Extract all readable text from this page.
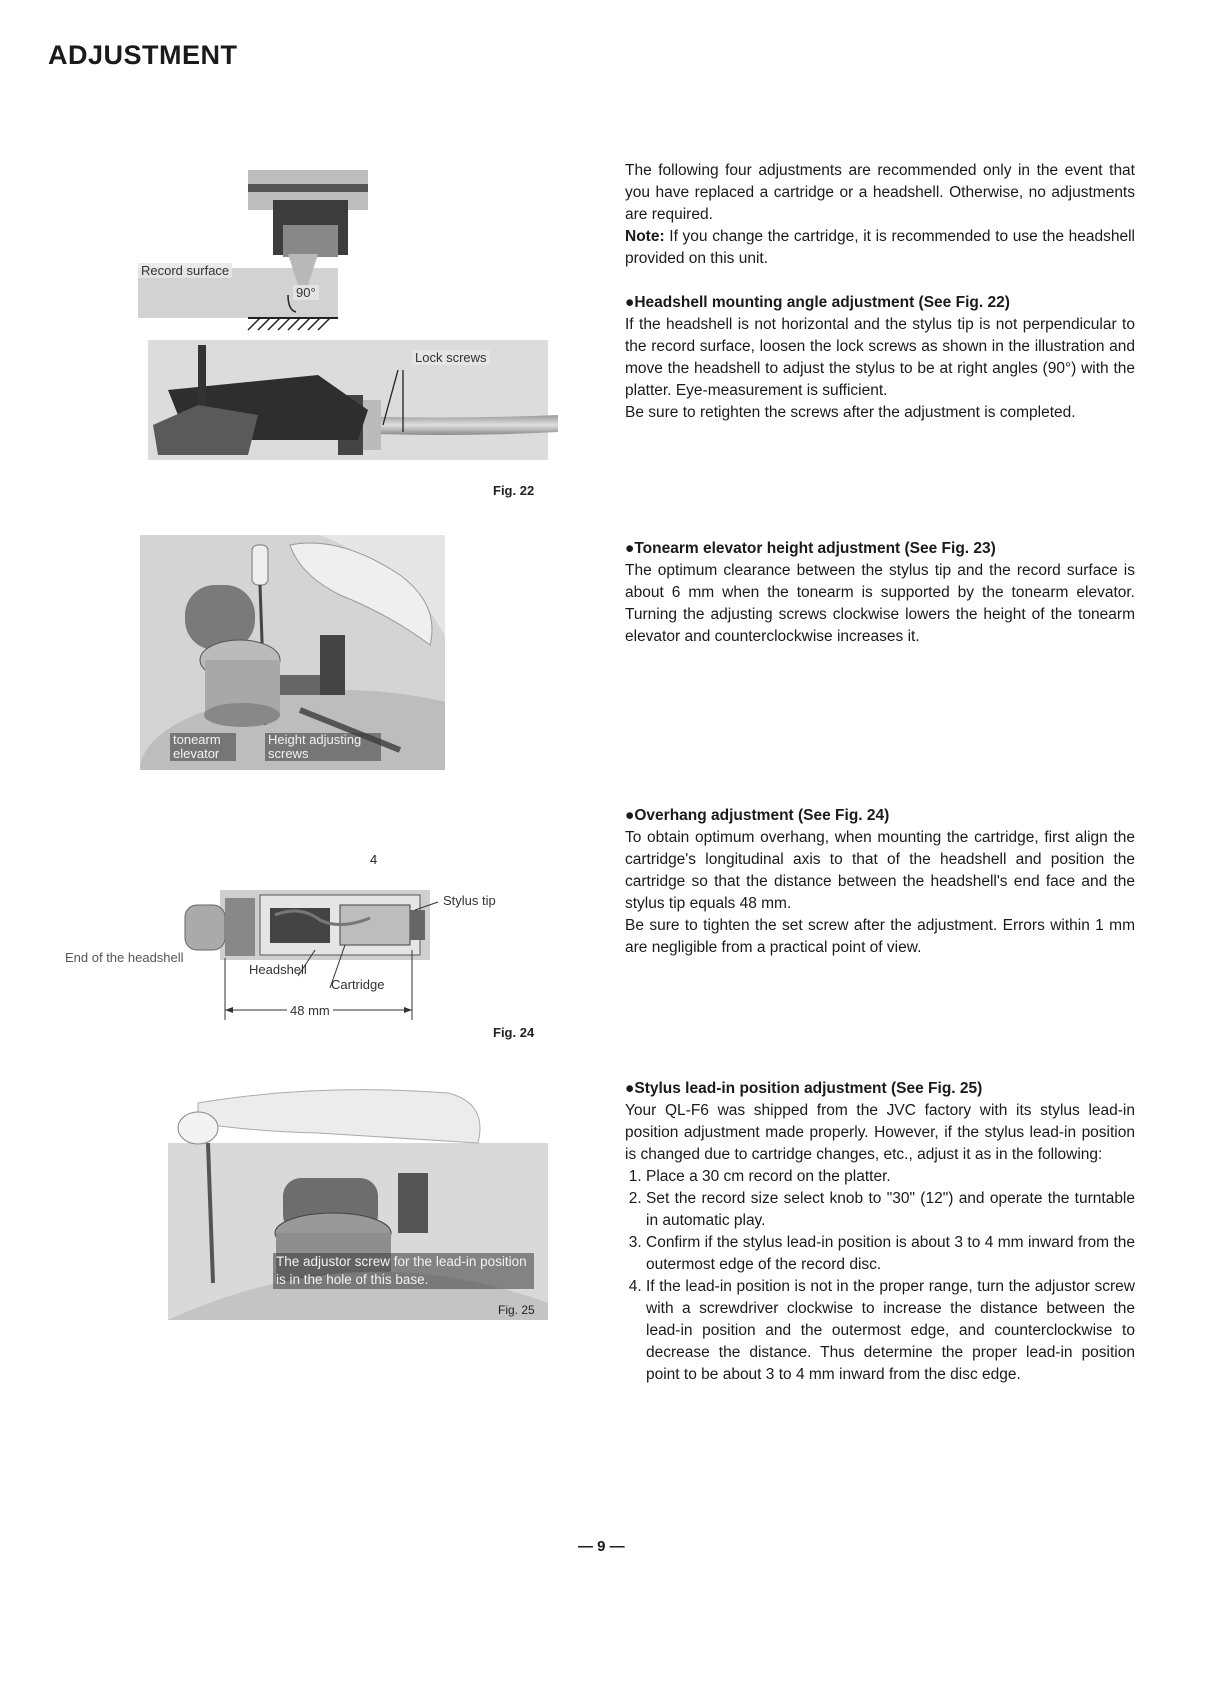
ADJUSTMENT
Record surface
90°
Lock screws
Fig. 22
tonearm elevator
Height adjusting screws
4
Stylus tip
End of the headshell
Headshell
Cartridge
48 mm
Fig. 24
The adjustor screw for the lead-in position is in the hole of this base.
Fig. 25

The following four adjustments are recommended only in the event that you have replaced a cartridge or a headshell. Otherwise, no adjustments are required.

Note: If you change the cartridge, it is recommended to use the headshell provided on this unit.

●Headshell mounting angle adjustment (See Fig. 22)

If the headshell is not horizontal and the stylus tip is not perpendicular to the record surface, loosen the lock screws as shown in the illustration and move the headshell to adjust the stylus to be at right angles (90°) with the platter. Eye-measurement is sufficient.

Be sure to retighten the screws after the adjustment is completed.

●Tonearm elevator height adjustment (See Fig. 23)

The optimum clearance between the stylus tip and the record surface is about 6 mm when the tonearm is supported by the tonearm elevator. Turning the adjusting screws clockwise lowers the height of the tonearm elevator and counterclockwise increases it.

●Overhang adjustment (See Fig. 24)

To obtain optimum overhang, when mounting the cartridge, first align the cartridge's longitudinal axis to that of the headshell and position the cartridge so that the distance between the headshell's end face and the stylus tip equals 48 mm.

Be sure to tighten the set screw after the adjustment. Errors within 1 mm are negligible from a practical point of view.

●Stylus lead-in position adjustment (See Fig. 25)

Your QL-F6 was shipped from the JVC factory with its stylus lead-in position adjustment made properly. However, if the stylus lead-in position is changed due to cartridge changes, etc., adjust it as in the following:

1. Place a 30 cm record on the platter.
2. Set the record size select knob to "30" (12") and operate the turntable in automatic play.
3. Confirm if the stylus lead-in position is about 3 to 4 mm inward from the outermost edge of the record disc.
4. If the lead-in position is not in the proper range, turn the adjustor screw with a screwdriver clockwise to increase the distance between the lead-in position and the outermost edge, and counterclockwise to decrease the distance. Thus determine the proper lead-in position point to be about 3 to 4 mm inward from the disc edge.
— 9 —
